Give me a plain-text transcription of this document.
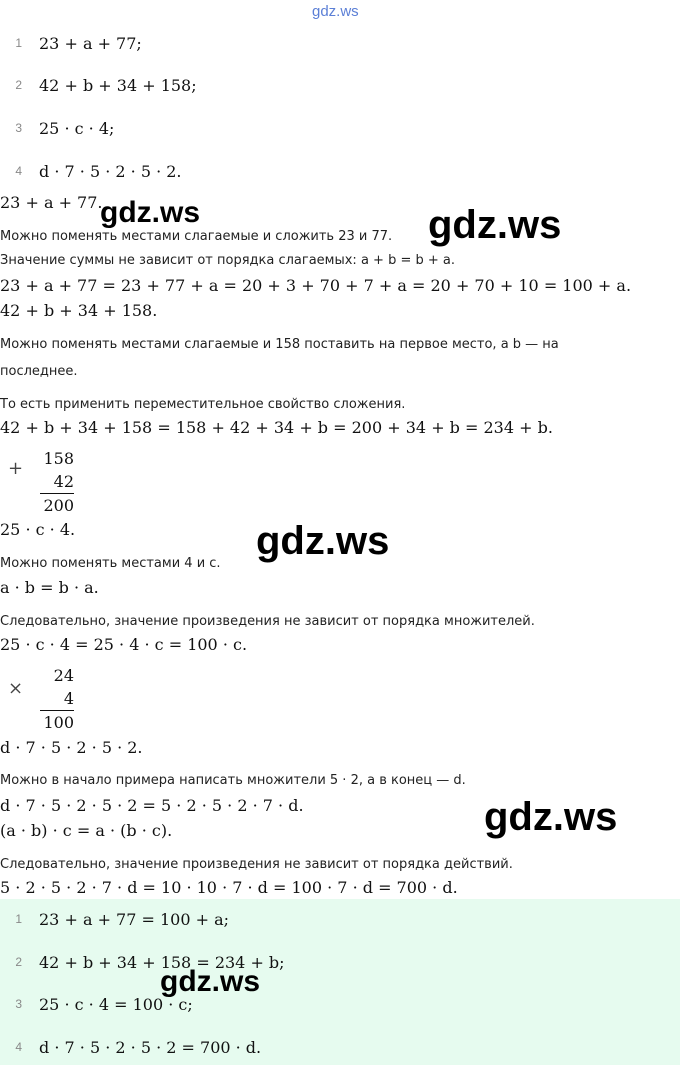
gdz.ws
1 23 + a + 77;
2 42 + b + 34 + 158;
3 25 · c · 4;
4 d · 7 · 5 · 2 · 5 · 2.
23 + a + 77.
Можно поменять местами слагаемые и сложить 23 и 77.
Значение суммы не зависит от порядка слагаемых: a + b = b + a.
23 + a + 77 = 23 + 77 + a = 20 + 3 + 70 + 7 + a = 20 + 70 + 10 = 100 + a.
42 + b + 34 + 158.
Можно поменять местами слагаемые и 158 поставить на первое место, а b — на
последнее.
То есть применить переместительное свойство сложения.
42 + b + 34 + 158 = 158 + 42 + 34 + b = 200 + 34 + b = 234 + b.
+ 158
42
200
25 · c · 4.
Можно поменять местами 4 и c.
a · b = b · a.
Следовательно, значение произведения не зависит от порядка множителей.
25 · c · 4 = 25 · 4 · c = 100 · c.
×
24
4
100
d · 7 · 5 · 2 · 5 · 2.
Можно в начало примера написать множители 5 · 2, а в конец — d.
d · 7 · 5 · 2 · 5 · 2 = 5 · 2 · 5 · 2 · 7 · d.
(a · b) · c = a · (b · c).
Следовательно, значение произведения не зависит от порядка действий.
5 · 2 · 5 · 2 · 7 · d = 10 · 10 · 7 · d = 100 · 7 · d = 700 · d.
1 23 + a + 77 = 100 + a;
2 42 + b + 34 + 158 = 234 + b;
3 25 · c · 4 = 100 · c;
4 d · 7 · 5 · 2 · 5 · 2 = 700 · d.
gdz.ws	gdz.ws
gdz.ws
gdz.ws
gdz.ws
